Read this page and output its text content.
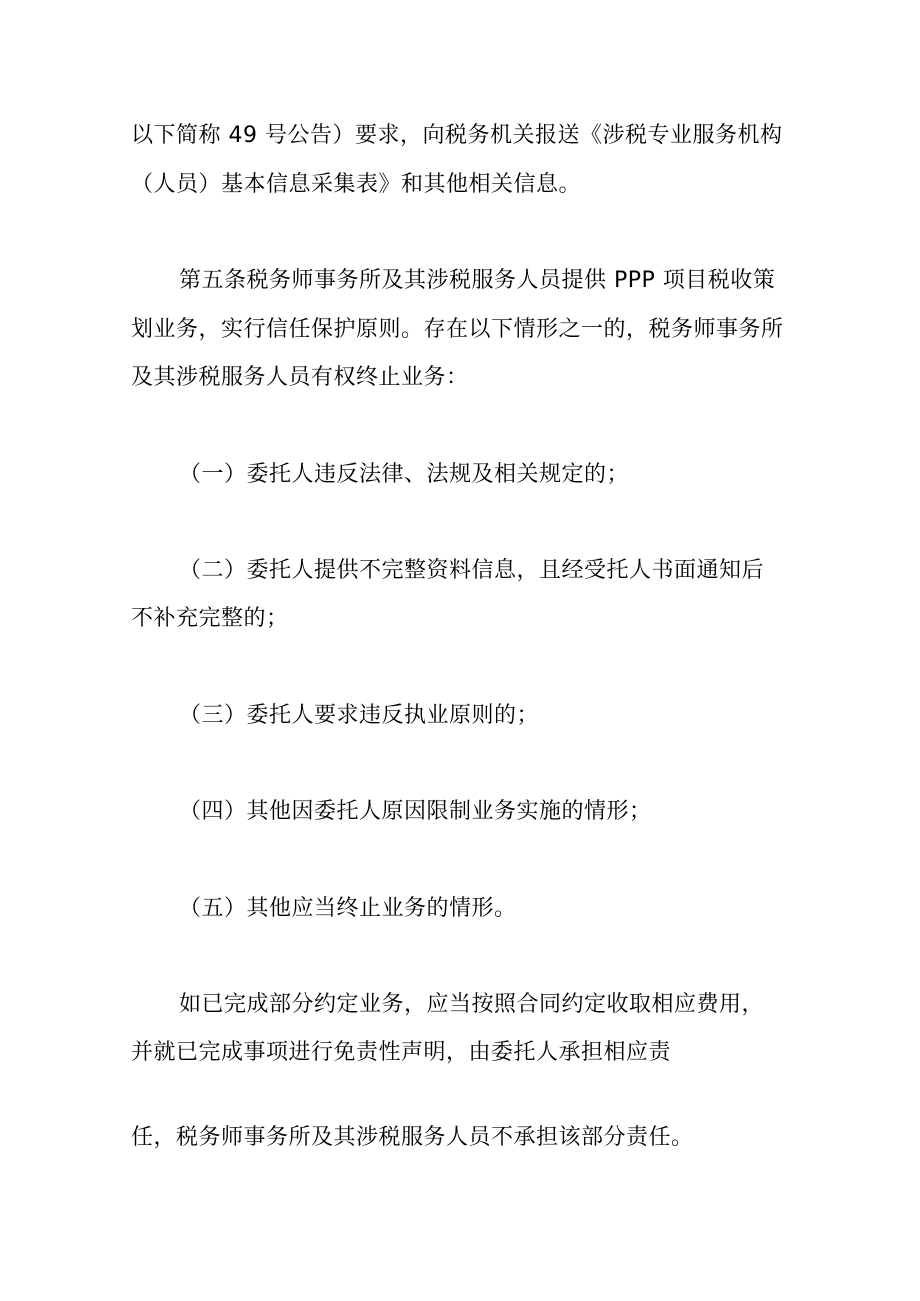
以下简称 49 号公告）要求，向税务机关报送《涉税专业服务机构
（人员）基本信息采集表》和其他相关信息。
第五条税务师事务所及其涉税服务人员提供 PPP 项目税收策
划业务，实行信任保护原则。存在以下情形之一的，税务师事务所
及其涉税服务人员有权终止业务：
（一）委托人违反法律、法规及相关规定的；
（二）委托人提供不完整资料信息，且经受托人书面通知后
不补充完整的；
（三）委托人要求违反执业原则的；
（四）其他因委托人原因限制业务实施的情形；
（五）其他应当终止业务的情形。
如已完成部分约定业务，应当按照合同约定收取相应费用，
并就已完成事项进行免责性声明，由委托人承担相应责
任，税务师事务所及其涉税服务人员不承担该部分责任。
